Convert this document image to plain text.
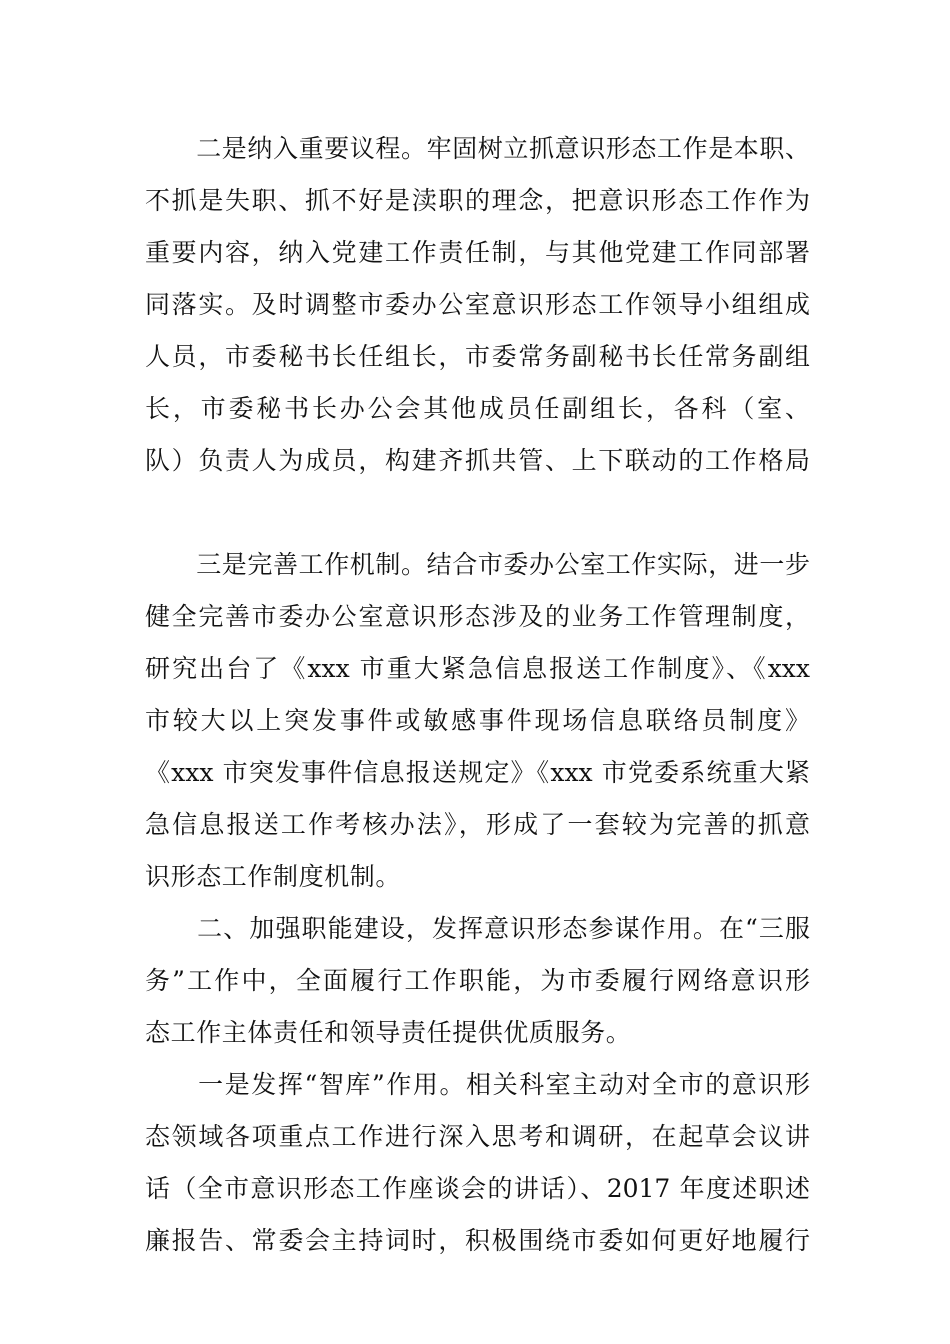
　　二是纳入重要议程。牢固树立抓意识形态工作是本职、
不抓是失职、抓不好是渎职的理念，把意识形态工作作为
重要内容，纳入党建工作责任制，与其他党建工作同部署
同落实。及时调整市委办公室意识形态工作领导小组组成
人员，市委秘书长任组长，市委常务副秘书长任常务副组
长，市委秘书长办公会其他成员任副组长，各科（室、
队）负责人为成员，构建齐抓共管、上下联动的工作格局
　　三是完善工作机制。结合市委办公室工作实际，进一步
健全完善市委办公室意识形态涉及的业务工作管理制度，
研究出台了《xxx 市重大紧急信息报送工作制度》、《xxx
市较大以上突发事件或敏感事件现场信息联络员制度》
《xxx 市突发事件信息报送规定》《xxx 市党委系统重大紧
急信息报送工作考核办法》，形成了一套较为完善的抓意
识形态工作制度机制。
　　二、加强职能建设，发挥意识形态参谋作用。在“三服
务”工作中，全面履行工作职能，为市委履行网络意识形
态工作主体责任和领导责任提供优质服务。
　　一是发挥“智库”作用。相关科室主动对全市的意识形
态领域各项重点工作进行深入思考和调研，在起草会议讲
话（全市意识形态工作座谈会的讲话）、2017 年度述职述
廉报告、常委会主持词时，积极围绕市委如何更好地履行
